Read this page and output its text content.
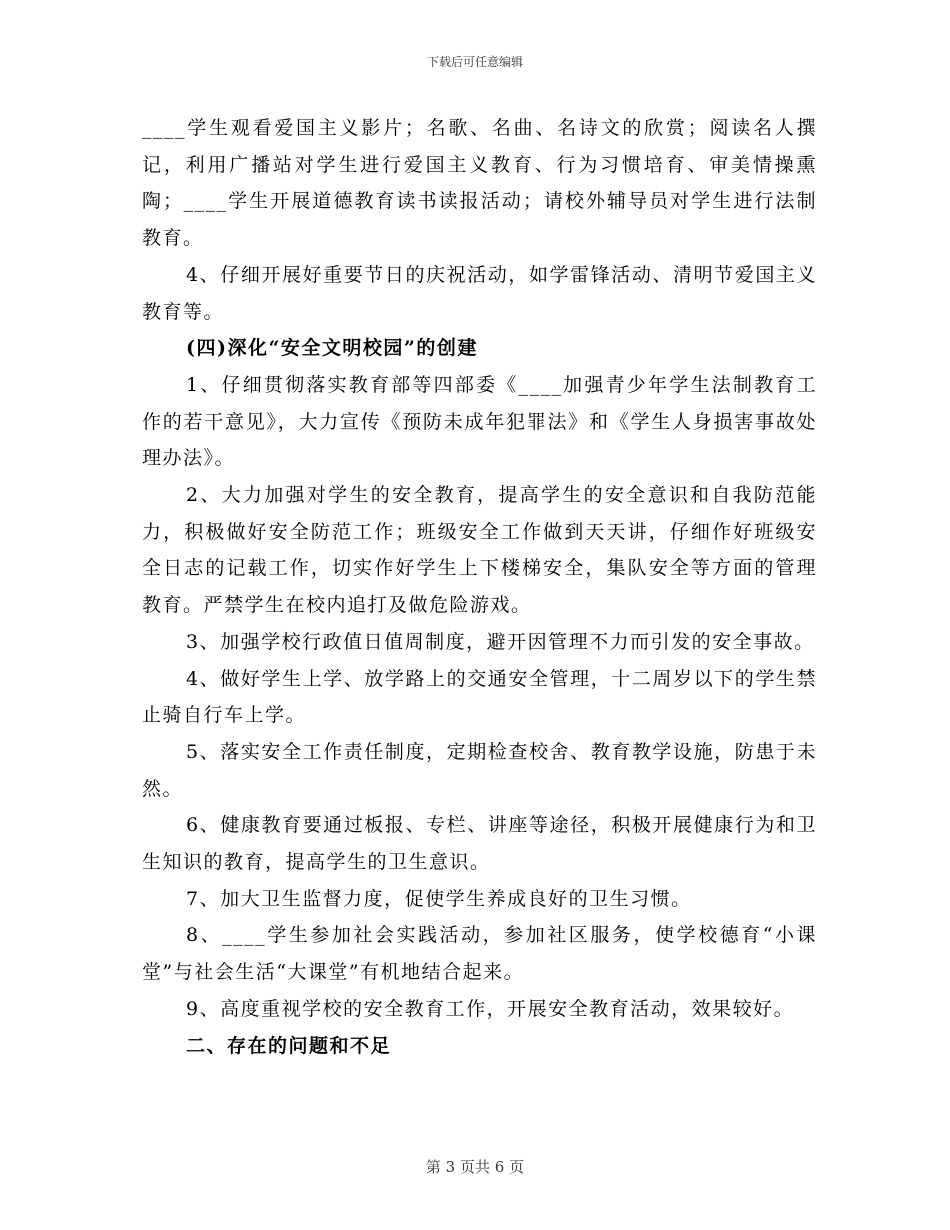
下载后可任意编辑

____学生观看爱国主义影片；名歌、名曲、名诗文的欣赏；阅读名人撰记，利用广播站对学生进行爱国主义教育、行为习惯培育、审美情操熏陶；____学生开展道德教育读书读报活动；请校外辅导员对学生进行法制教育。

4、仔细开展好重要节日的庆祝活动，如学雷锋活动、清明节爱国主义教育等。

(四)深化“安全文明校园”的创建

1、仔细贯彻落实教育部等四部委《____加强青少年学生法制教育工作的若干意见》，大力宣传《预防未成年犯罪法》和《学生人身损害事故处理办法》。

2、大力加强对学生的安全教育，提高学生的安全意识和自我防范能力，积极做好安全防范工作；班级安全工作做到天天讲，仔细作好班级安全日志的记载工作，切实作好学生上下楼梯安全，集队安全等方面的管理教育。严禁学生在校内追打及做危险游戏。

3、加强学校行政值日值周制度，避开因管理不力而引发的安全事故。

4、做好学生上学、放学路上的交通安全管理，十二周岁以下的学生禁止骑自行车上学。

5、落实安全工作责任制度，定期检查校舍、教育教学设施，防患于未然。

6、健康教育要通过板报、专栏、讲座等途径，积极开展健康行为和卫生知识的教育，提高学生的卫生意识。

7、加大卫生监督力度，促使学生养成良好的卫生习惯。

8、____学生参加社会实践活动，参加社区服务，使学校德育“小课堂”与社会生活“大课堂”有机地结合起来。

9、高度重视学校的安全教育工作，开展安全教育活动，效果较好。

二、存在的问题和不足

第 3 页共 6 页
